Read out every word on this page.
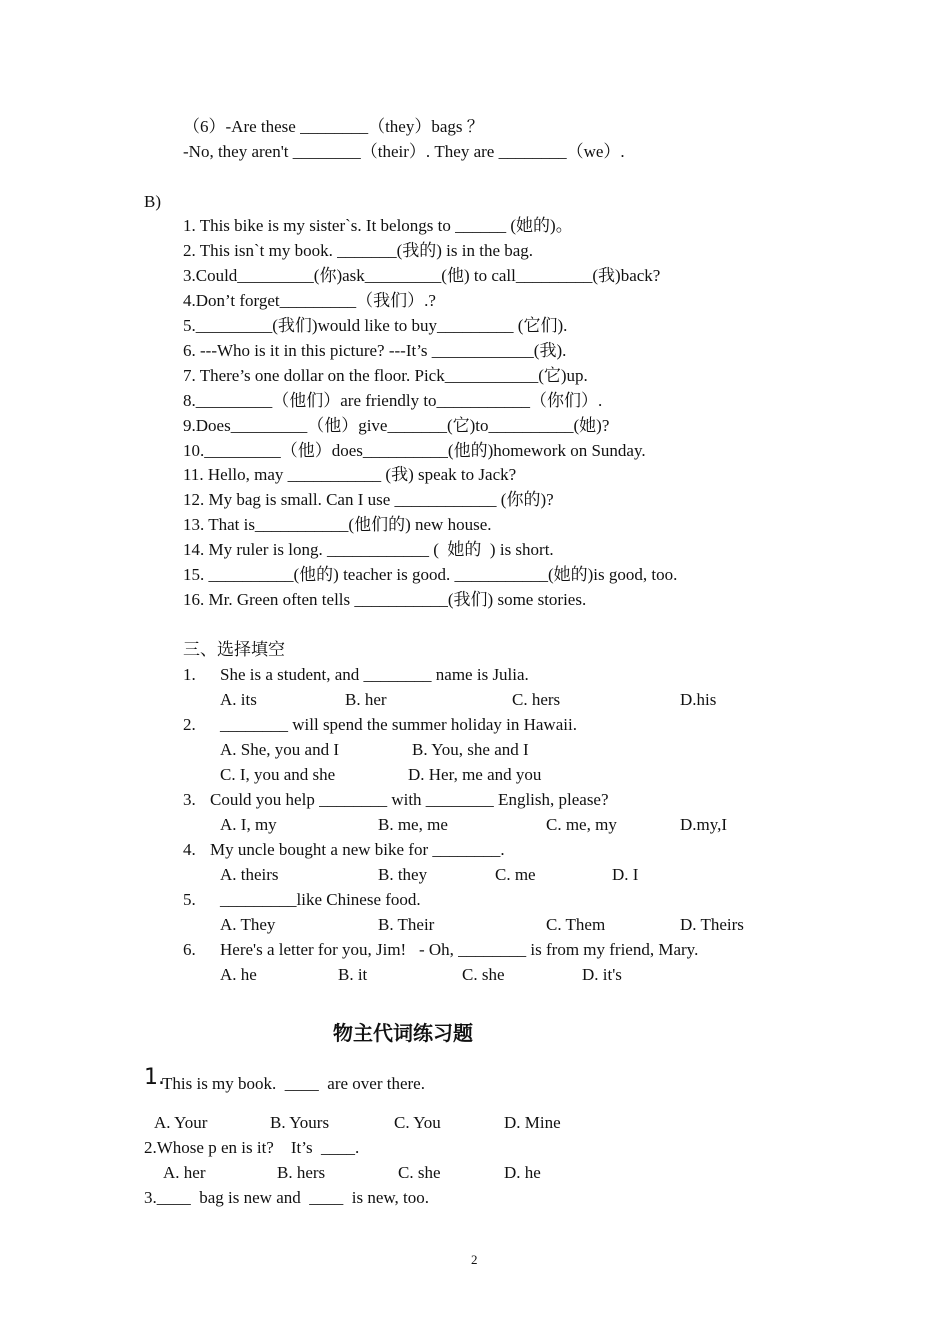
（6）-Are these ________（they）bags ？
-No, they aren't ________（their）. They are ________（we）.
B)
1. This bike is my sister`s. It belongs to ______ (她的)。
2. This isn`t my book. _______(我的) is in the bag.
3.Could_________(你)ask_________(他) to call_________(我)back?
4.Don’t forget_________（我们）.?
5._________(我们)would like to buy_________ (它们).
6. ---Who is it in this picture? ---It’s ____________(我).
7. There’s one dollar on the floor. Pick___________(它)up.
8._________（他们）are friendly to___________（你们）.
9.Does_________（他）give_______(它)to__________(她)?
10._________（他）does__________(他的)homework on Sunday.
11. Hello, may ___________ (我) speak to Jack?
12. My bag is small. Can I use ____________ (你的)?
13. That is___________(他们的) new house.
14. My ruler is long. ____________ (  她的  ) is short.
15. __________(他的) teacher is good. ___________(她的)is good, too.
16. Mr. Green often tells ___________(我们) some stories.
三、选择填空
1. She is a student, and ________ name is Julia.
A. its	B. her	C. hers	D.his
2. ________ will spend the summer holiday in Hawaii.
A. She, you and I	B. You, she and I
C. I, you and she	D. Her, me and you
3. Could you help ________ with ________ English, please?
A. I, my	B. me, me	C. me, my	D.my,I
4. My uncle bought a new bike for ________.
A. theirs	B. they	C. me	D. I
5. _________like Chinese food.
A. They	B. Their	C. Them	D. Theirs
6. Here's a letter for you, Jim!   - Oh, ________ is from my friend, Mary.
A. he	B. it	C. she	D. it's
物主代词练习题
1.
This is my book.  ____  are over there.
A. Your	B. Yours	C. You	D. Mine
2.Whose p en is it?    It’s  ____.
A. her	B. hers	C. she	D. he
3.____  bag is new and  ____  is new, too.
2
